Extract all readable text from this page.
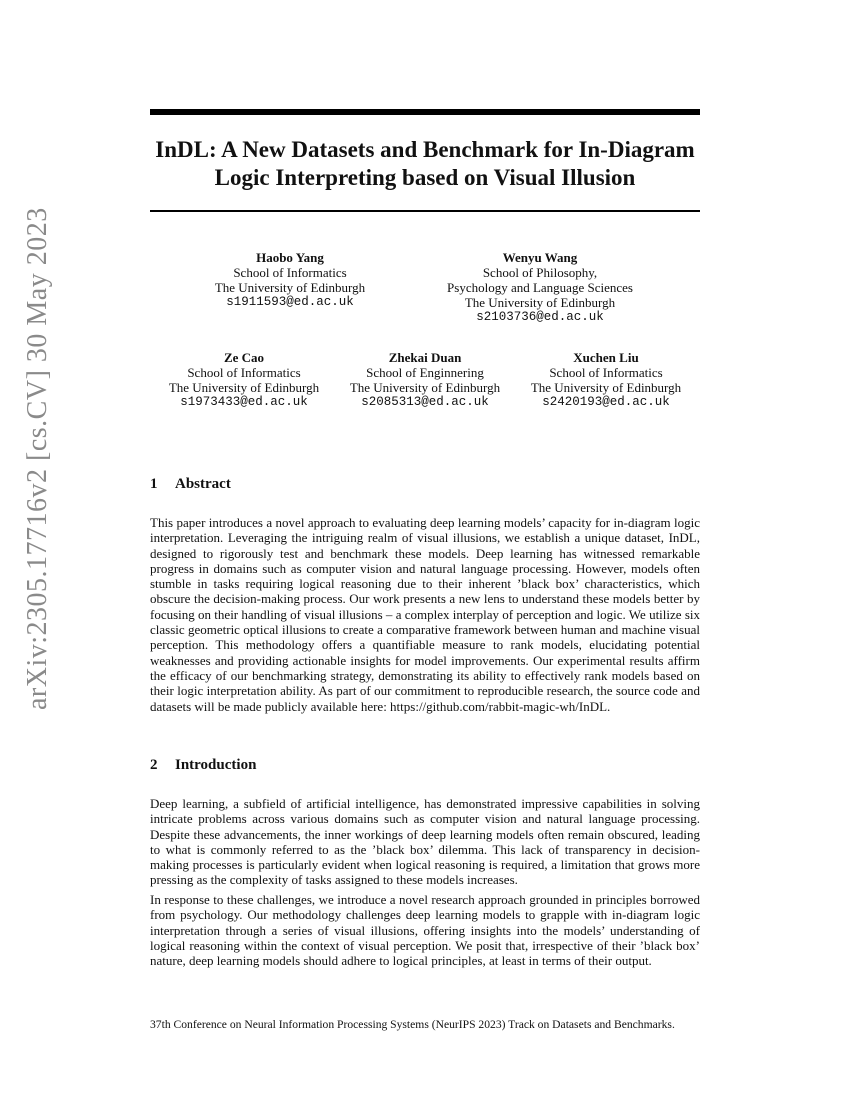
arXiv:2305.17716v2 [cs.CV] 30 May 2023
InDL: A New Datasets and Benchmark for In-Diagram Logic Interpreting based on Visual Illusion
Haobo Yang
School of Informatics
The University of Edinburgh
s1911593@ed.ac.uk
Wenyu Wang
School of Philosophy,
Psychology and Language Sciences
The University of Edinburgh
s2103736@ed.ac.uk
Ze Cao
School of Informatics
The University of Edinburgh
s1973433@ed.ac.uk
Zhekai Duan
School of Enginnering
The University of Edinburgh
s2085313@ed.ac.uk
Xuchen Liu
School of Informatics
The University of Edinburgh
s2420193@ed.ac.uk
1 Abstract

This paper introduces a novel approach to evaluating deep learning models’ capacity for in-diagram logic interpretation. Leveraging the intriguing realm of visual illusions, we establish a unique dataset, InDL, designed to rigorously test and benchmark these models. Deep learning has witnessed remarkable progress in domains such as computer vision and natural language processing. However, models often stumble in tasks requiring logical reasoning due to their inherent ’black box’ characteristics, which obscure the decision-making process. Our work presents a new lens to understand these models better by focusing on their handling of visual illusions – a complex interplay of perception and logic. We utilize six classic geometric optical illusions to create a comparative framework between human and machine visual perception. This methodology offers a quantifiable measure to rank models, elucidating potential weaknesses and providing actionable insights for model improvements. Our experimental results affirm the efficacy of our benchmarking strategy, demonstrating its ability to effectively rank models based on their logic interpretation ability. As part of our commitment to reproducible research, the source code and datasets will be made publicly available here: https://github.com/rabbit-magic-wh/InDL.

2 Introduction

Deep learning, a subfield of artificial intelligence, has demonstrated impressive capabilities in solving intricate problems across various domains such as computer vision and natural language processing. Despite these advancements, the inner workings of deep learning models often remain obscured, leading to what is commonly referred to as the ’black box’ dilemma. This lack of transparency in decision-making processes is particularly evident when logical reasoning is required, a limitation that grows more pressing as the complexity of tasks assigned to these models increases.

In response to these challenges, we introduce a novel research approach grounded in principles borrowed from psychology. Our methodology challenges deep learning models to grapple with in-diagram logic interpretation through a series of visual illusions, offering insights into the models’ understanding of logical reasoning within the context of visual perception. We posit that, irrespective of their ’black box’ nature, deep learning models should adhere to logical principles, at least in terms of their output.

37th Conference on Neural Information Processing Systems (NeurIPS 2023) Track on Datasets and Benchmarks.
